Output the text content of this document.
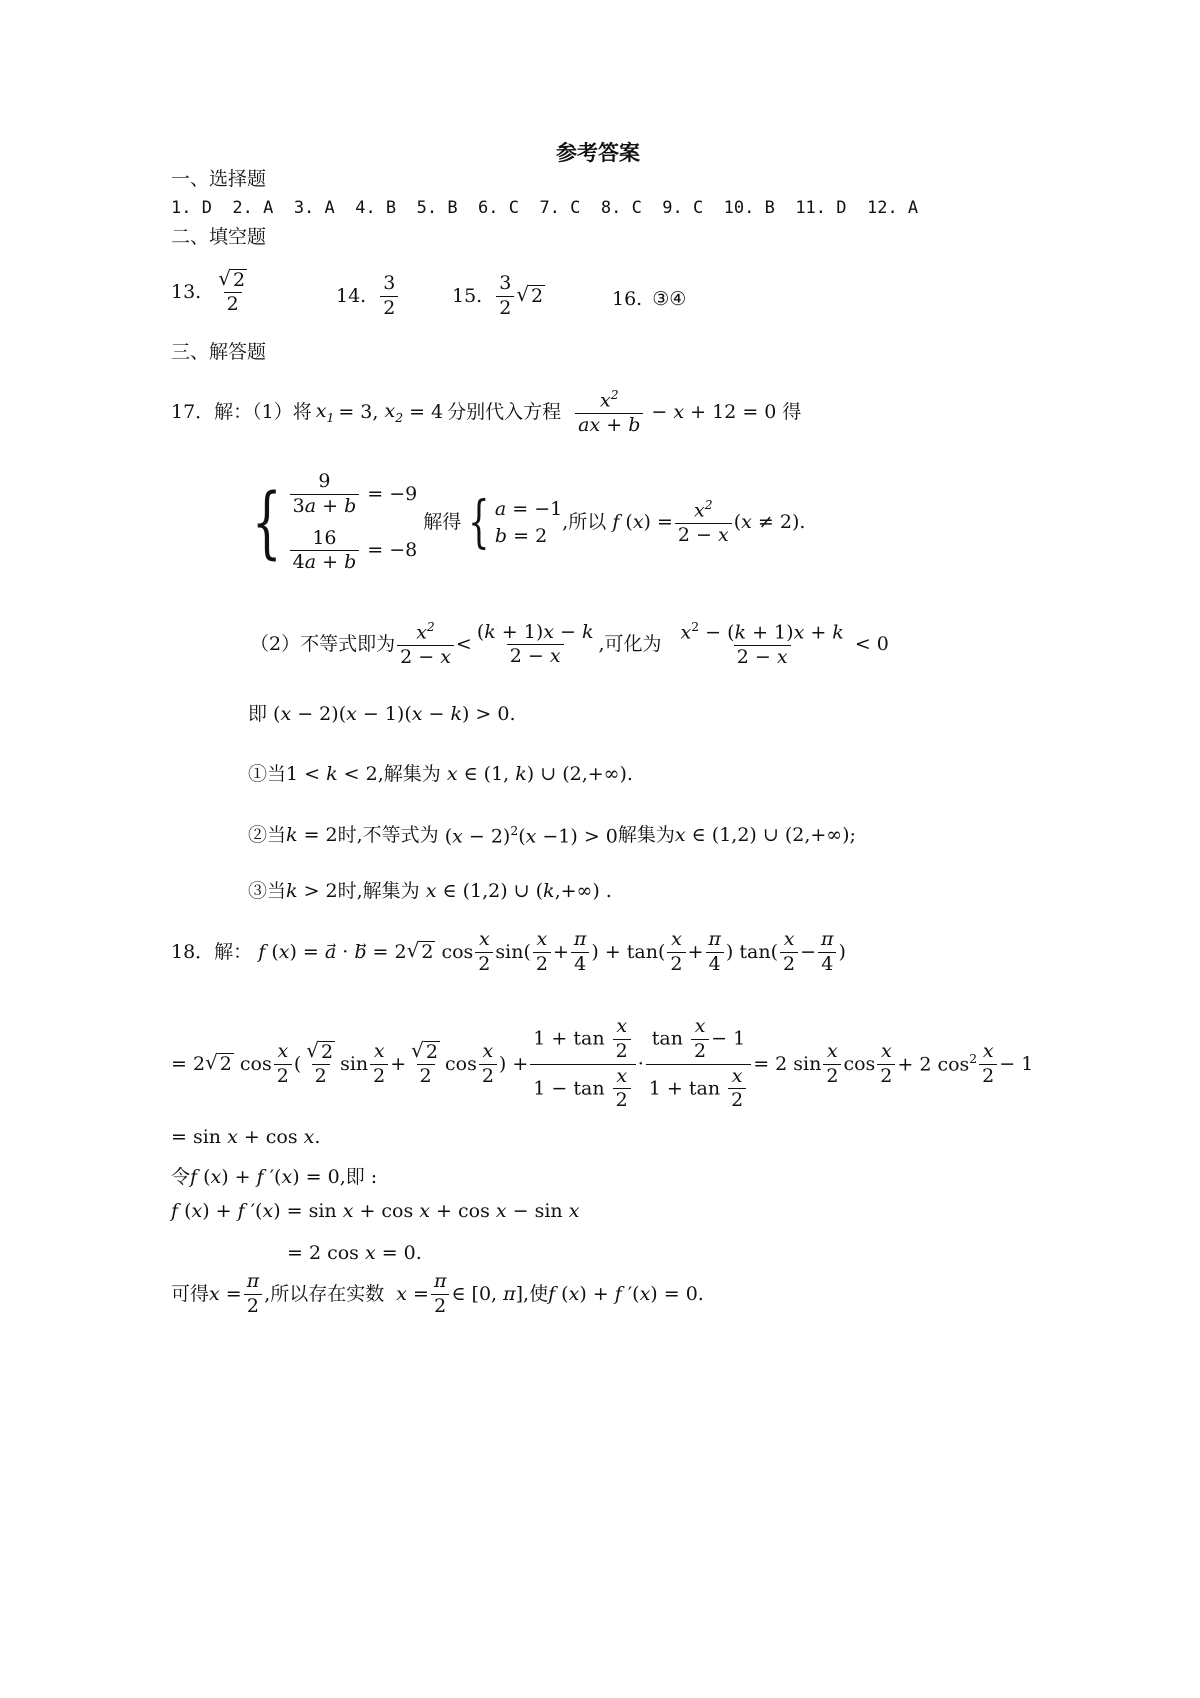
参考答案
一、选择题
1. D  2. A  3. A  4. B  5. B  6. C  7. C  8. C  9. C  10. B  11. D  12. A
二、填空题
13. $\frac{√ 2}{2}$	14. $\frac{3}{2}$	15. $\frac{3}{2}$ √ 2	16. ③④
三、解答题
17．解：（1）将 $x_1 = 3$, $x_2 = 4$ 分别代入方程 $\frac{x^2}{ax + b} - x + 12 = 0$ 得
{ $\frac{9}{3a + b} = -9$
$\frac{16}{4a + b} = -8$
解得 { a = −1
b = 2
,所以 f $(x) = \frac{x^2}{2 - x} (x \ne 2)$.
（2）不等式即为 $\frac{x^2}{2 - x} < \frac{(k + 1)x - k}{2 - x}$ ,可化为 $\frac{x^2 - (k + 1)x + k}{2 - x} < 0$
即 (x − 2)(x − 1)(x − k) > 0.
①当 1 < k < 2 ,解集为 x ∈ (1, k) ∪ (2,+∞).
②当 k = 2 时,不等式为 $(x - 2)^2(x -1) > 0$ 解集为 x ∈ (1,2) ∪ (2,+∞);
③当 k > 2 时,解集为 x ∈ (1,2) ∪ (k,+∞) .
18．解： f (x) = a⃗ · b⃗ = 2 √ 2 $\cos \frac{x}{2} \sin( \frac{x}{2} + \frac{\pi}{4}$ ) + $\tan( \frac{x}{2} + \frac{\pi}{4}$ ) $\tan( \frac{x}{2} - \frac{\pi}{4}$ )
= 2 √ 2 $\cos \frac{x}{2}$ ( $\frac{√ 2}{2}$ $\sin \frac{x}{2} + \frac{√ 2}{2}$ $\cos \frac{x}{2}$ ) + $\frac{1 + \tan \frac{x}{2}}{1 - \tan \frac{x}{2}} \cdot \frac{\tan \frac{x}{2} - 1}{1 + \tan \frac{x}{2}} = 2$ $\sin \frac{x}{2}$ $\cos \frac{x}{2} + 2$ $\cos^2 \frac{x}{2} - 1$
= sin x + cos x.
令 f (x) + f ′(x) = 0 ,即 :
f (x) + f ′(x) = sin x + cos x + cos x − sin x
= 2 cos x = 0.
可得 $x = \frac{\pi}{2}$ ,所以存在实数 $x = \frac{\pi}{2}$ ∈ [0, π] ,使 f (x) + f ′(x) = 0.
